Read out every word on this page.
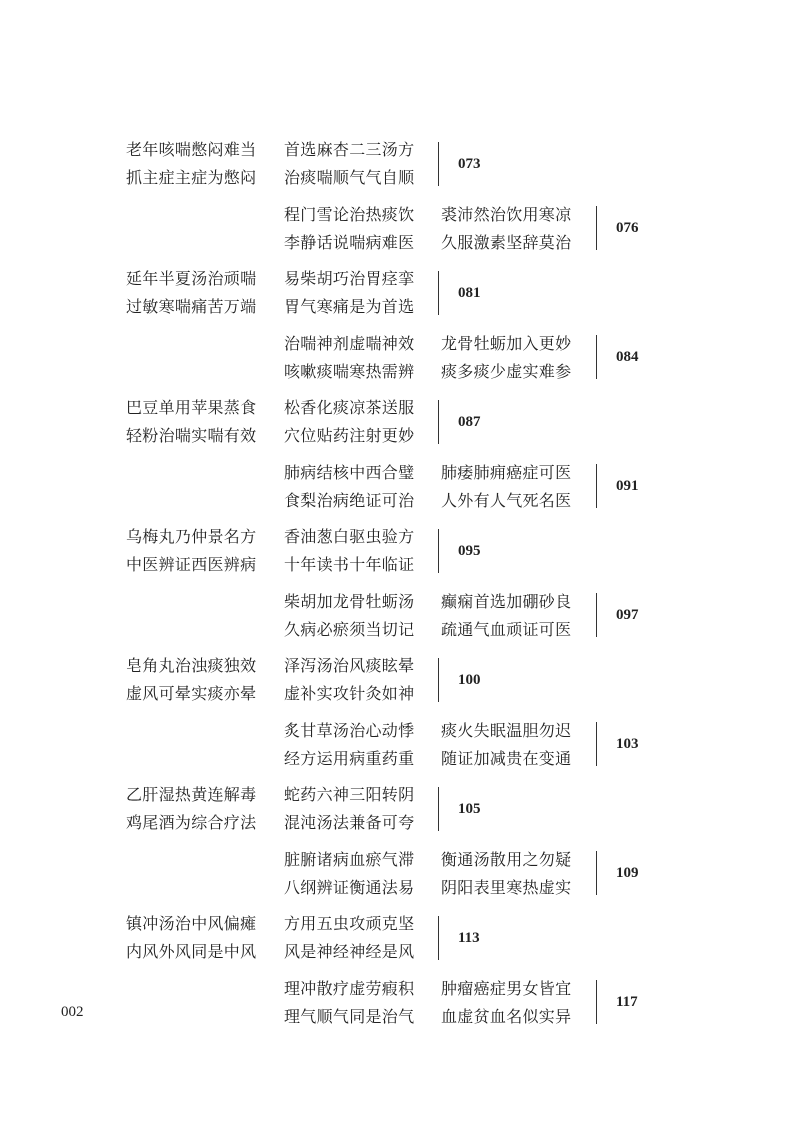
老年咳喘憋闷难当
抓主症主症为憋闷
首选麻杏二三汤方
治痰喘顺气气自顺
073
程门雪论治热痰饮
李静话说喘病难医
裘沛然治饮用寒凉
久服激素坚辞莫治
076
延年半夏汤治顽喘
过敏寒喘痛苦万端
易柴胡巧治胃痉挛
胃气寒痛是为首选
081
治喘神剂虚喘神效
咳嗽痰喘寒热需辨
龙骨牡蛎加入更妙
痰多痰少虚实难参
084
巴豆单用苹果蒸食
轻粉治喘实喘有效
松香化痰凉茶送服
穴位贴药注射更妙
087
肺病结核中西合璧
食梨治病绝证可治
肺痿肺痈癌症可医
人外有人气死名医
091
乌梅丸乃仲景名方
中医辨证西医辨病
香油葱白驱虫验方
十年读书十年临证
095
柴胡加龙骨牡蛎汤
久病必瘀须当切记
癫痫首选加硼砂良
疏通气血顽证可医
097
皂角丸治浊痰独效
虚风可晕实痰亦晕
泽泻汤治风痰眩晕
虚补实攻针灸如神
100
炙甘草汤治心动悸
经方运用病重药重
痰火失眠温胆勿迟
随证加减贵在变通
103
乙肝湿热黄连解毒
鸡尾酒为综合疗法
蛇药六神三阳转阴
混沌汤法兼备可夸
105
脏腑诸病血瘀气滞
八纲辨证衡通法易
衡通汤散用之勿疑
阴阳表里寒热虚实
109
镇冲汤治中风偏瘫
内风外风同是中风
方用五虫攻顽克坚
风是神经神经是风
113
理冲散疗虚劳瘕积
理气顺气同是治气
肿瘤癌症男女皆宜
血虚贫血名似实异
117
002
